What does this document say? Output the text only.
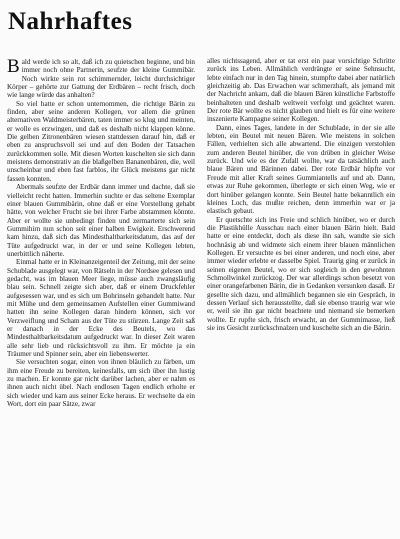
Nahrhaftes

Bald werde ich so alt, daß ich zu quietschen beginne, und bin immer noch ohne Partnerin, seufzte der kleine Gummibär. Noch wirkte sein rot schimmernder, leicht durchsichtiger Körper – gehörte zur Gattung der Erdbären – recht frisch, doch wie lange würde das anhalten?

So viel hatte er schon unternommen, die richtige Bärin zu finden, aber seine anderen Kollegen, vor allem die grünen alternativen Waldmeisterbären, taten immer so klug und meinten, er wolle es erzwingen, und daß es deshalb nicht klappen könne. Die gelben Zitronenbären wiesen stattdessen darauf hin, daß er eben zu anspruchsvoll sei und auf den Boden der Tatsachen zurückkommen solle. Mit diesen Worten kuschelten sie sich dann meistens demonstrativ an die blaßgelben Bananenbären, die, weil unscheinbar und eben fast farblos, ihr Glück meistens gar nicht fassen konnten.

Abermals seufzte der Erdbär dann immer und dachte, daß sie vielleicht recht hatten. Immerhin suchte er das seltene Exemplar einer blauen Gummibärin, ohne daß er eine Vorstellung gehabt hätte, von welcher Frucht sie bei ihrer Farbe abstammen könnte. Aber er wollte sie unbedingt finden und zermarterte sich sein Gummihirn nun schon seit einer halben Ewigkeit. Erschwerend kam hinzu, daß sich das Mindesthaltbarkeitsdatum, das auf der Tüte aufgedruckt war, in der er und seine Kollegen lebten, unerbittlich näherte.

Einmal hatte er in Kleinanzeigenteil der Zeitung, mit der seine Schublade ausgelegt war, von Rätseln in der Nordsee gelesen und gedacht, was im blauen Meer liege, müsse auch zwangsläufig blau sein. Schnell zeigte sich aber, daß er einem Druckfehler aufgesessen war, und es sich um Bohrinseln gehandelt hatte. Nur mit Mühe und dem gemeinsamen Aufstellen einer Gummiwand hatten ihn seine Kollegen daran hindern können, sich vor Verzweiflung und Scham aus der Tüte zu stürzen. Lange Zeit saß er danach in der Ecke des Beutels, wo das Mindesthaltbarkeitsdatum aufgedruckt war. In dieser Zeit waren alle sehr lieb und rücksichtsvoll zu ihm. Er möchte ja ein Träumer und Spinner sein, aber ein liebenswerter.

Sie versuchten sogar, einen von ihnen bläulich zu färben, um ihm eine Freude zu bereiten, keinesfalls, um sich über ihn lustig zu machen. Er konnte gar nicht darüber lachen, aber er nahm es ihnen auch nicht übel. Nach endlosen Tagen endlich erholte er sich wieder und kam aus seiner Ecke heraus. Er wechselte da ein Wort, dort ein paar Sätze, zwar

alles nichtssagend, aber er tat erst ein paar vorsichtige Schritte zurück ins Leben. Allmählich verdrängte er seine Sehnsucht, lebte einfach nur in den Tag hinein, stumpfte dabei aber natürlich gleichzeitig ab. Das Erwachen war schmerzhaft, als jemand mit der Nachricht ankam, daß die blauen Bären künstliche Farbstoffe beinhalteten und deshalb weltweit verfolgt und geächtet waren. Der rote Bär wollte es nicht glauben und hielt es für eine weitere inszenierte Kampagne seiner Kollegen.

Dann, eines Tages, landete in der Schublade, in der sie alle lebten, ein Beutel mit neuen Bären. Wie meistens in solchen Fällen, verhielten sich alle abwartend. Die einzigen verstohlen zum anderen Beutel hinüber, die von drüben in gleicher Weise zurück. Und wie es der Zufall wollte, war da tatsächlich auch blaue Bären und Bärinnen dabei. Der rote Erdbär hüpfte vor Freude mit aller Kraft seines Gummiantells auf und ab. Dann, etwas zur Ruhe gekommen, überlegte er sich einen Weg, wie er dort hinüber gelangen konnte. Sein Beutel hatte bekanntlich ein kleines Loch, das mußte reichen, denn immerhin war er ja elastisch gebaut.

Er quetschte sich ins Freie und schlich hinüber, wo er durch die Plastikhülle Ausschau nach einer blauen Bärin hielt. Bald hatte er eine entdeckt, doch als diese ihn sah, wandte sie sich hochnäsig ab und widmete sich einem ihrer blauen männlichen Kollegen. Er versuchte es bei einer anderen, und noch eine, aber immer wieder erlebte er dasselbe Spiel. Traurig ging er zurück in seinen eigenen Beutel, wo er sich sogleich in den gewohnten Schmollwinkel zurückzog. Der war allerdings schon besetzt von einer orangefarbenen Bärin, die in Gedanken versunken dasaß. Er gesellte sich dazu, und allmählich begannen sie ein Gespräch, in dessen Verlauf sich herausstellte, daß sie ebenso traurig war wie er, weil sie ihn gar nicht beachtete und niemand sie bemerken wollte. Er rupfte sich, frisch erwacht, an der Gummimasse, ließ sie ins Gesicht zurückschnalzen und kuschelte sich an die Bärin.
